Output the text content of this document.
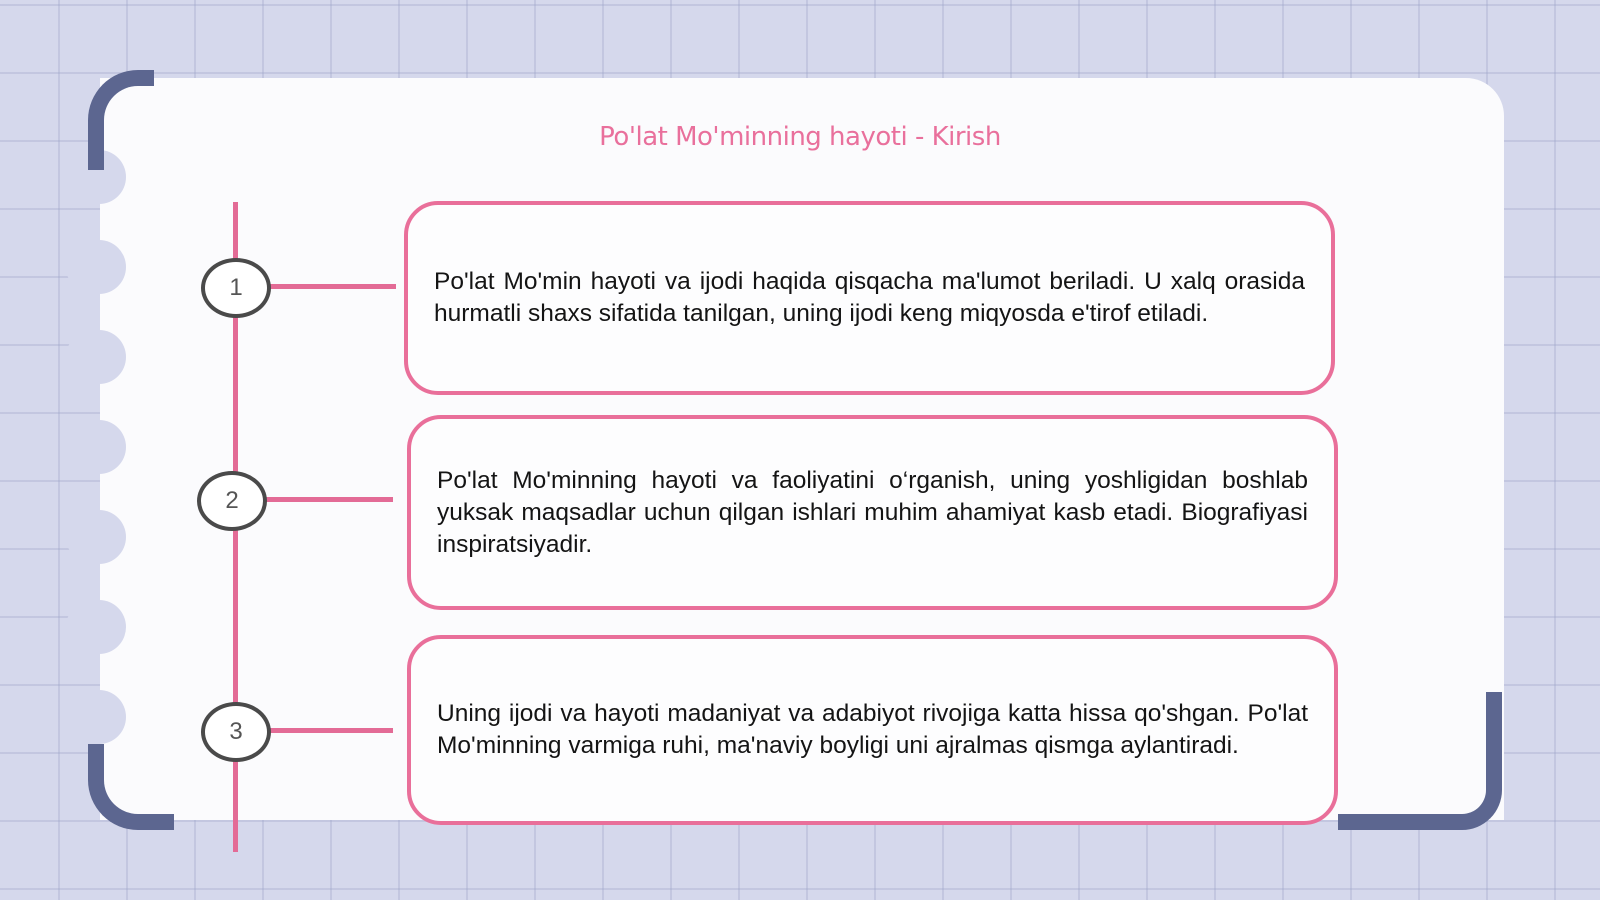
Po'lat Mo'minning hayoti - Kirish
1	Po'lat Mo'min hayoti va ijodi haqida qisqacha ma'lumot beriladi. U xalq orasida hurmatli shaxs sifatida tanilgan, uning ijodi keng miqyosda e'tirof etiladi.

2

Po'lat Mo'minning hayoti va faoliyatini o‘rganish, uning yoshligidan boshlab yuksak maqsadlar uchun qilgan ishlari muhim ahamiyat kasb etadi. Biografiyasi inspiratsiyadir.

3

Uning ijodi va hayoti madaniyat va adabiyot rivojiga katta hissa qo'shgan. Po'lat Mo'minning varmiga ruhi, ma'naviy boyligi uni ajralmas qismga aylantiradi.
